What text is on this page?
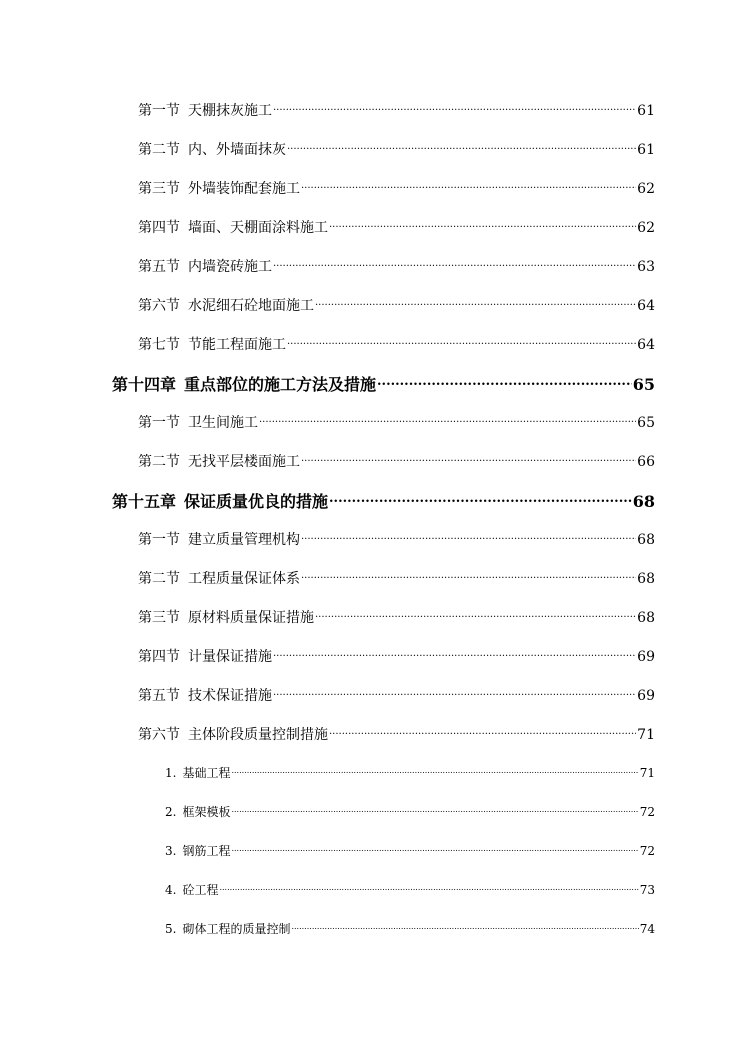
第一节 天棚抹灰施工 .....	61
第二节 内、外墙面抹灰 .....	61
第三节 外墙装饰配套施工 .....	62
第四节 墙面、天棚面涂料施工 .....	62
第五节 内墙瓷砖施工 .....	63
第六节 水泥细石砼地面施工 .....	64
第七节 节能工程面施工 .....	64
第十四章 重点部位的施工方法及措施 .....	65
第一节 卫生间施工 .....	65
第二节 无找平层楼面施工 .....	66
第十五章 保证质量优良的措施 .....	68
第一节 建立质量管理机构 .....	68
第二节 工程质量保证体系 .....	68
第三节 原材料质量保证措施 .....	68
第四节 计量保证措施 .....	69
第五节 技术保证措施 .....	69
第六节 主体阶段质量控制措施 .....	71
1. 基础工程 .....	71
2. 框架模板 .....	72
3. 钢筋工程 .....	72
4. 砼工程 .....	73
5. 砌体工程的质量控制 .....	74
